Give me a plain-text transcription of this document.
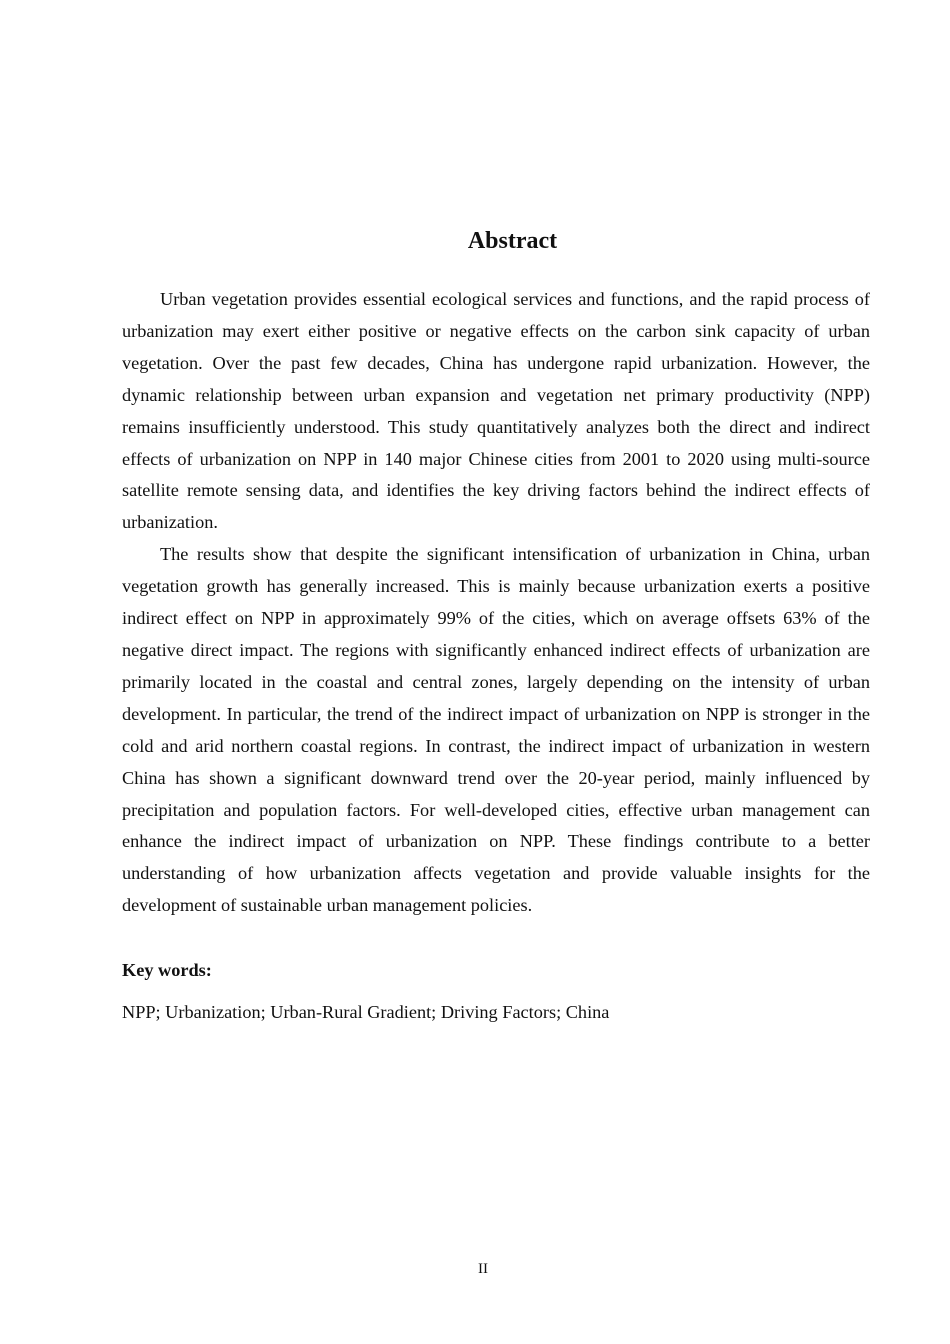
Abstract

Urban vegetation provides essential ecological services and functions, and the rapid process of urbanization may exert either positive or negative effects on the carbon sink capacity of urban vegetation. Over the past few decades, China has undergone rapid urbanization. However, the dynamic relationship between urban expansion and vegetation net primary productivity (NPP) remains insufficiently understood. This study quantitatively analyzes both the direct and indirect effects of urbanization on NPP in 140 major Chinese cities from 2001 to 2020 using multi-source satellite remote sensing data, and identifies the key driving factors behind the indirect effects of urbanization.

The results show that despite the significant intensification of urbanization in China, urban vegetation growth has generally increased. This is mainly because urbanization exerts a positive indirect effect on NPP in approximately 99% of the cities, which on average offsets 63% of the negative direct impact. The regions with significantly enhanced indirect effects of urbanization are primarily located in the coastal and central zones, largely depending on the intensity of urban development. In particular, the trend of the indirect impact of urbanization on NPP is stronger in the cold and arid northern coastal regions. In contrast, the indirect impact of urbanization in western China has shown a significant downward trend over the 20-year period, mainly influenced by precipitation and population factors. For well-developed cities, effective urban management can enhance the indirect impact of urbanization on NPP. These findings contribute to a better understanding of how urbanization affects vegetation and provide valuable insights for the development of sustainable urban management policies.

Key words:

NPP; Urbanization; Urban-Rural Gradient; Driving Factors; China

II
